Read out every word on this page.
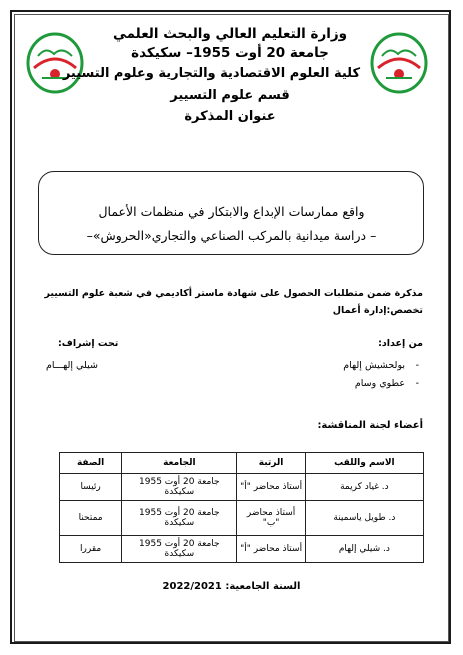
وزارة التعليم العالي والبحث العلمي
جامعة 20 أوت 1955– سكيكدة
كلية العلوم الاقتصادية والتجارية وعلوم التسيير
قسم علوم التسيير
عنوان المذكرة
واقع ممارسات الإبداع والابتكار في منظمات الأعمال
– دراسة ميدانية بالمركب الصناعي والتجاري«الحروش»–
مذكرة ضمن متطلبات الحصول على شهادة ماستر أكاديمي في شعبة علوم التسيير
تخصص:إدارة أعمال
من إعداد:
تحت إشراف:
-
بولحشيش إلهام
-
عطوي وسام
شيلي إلهـــام
أعضاء لجنة المناقشة:
الاسم واللقب	الرتبة	الجامعة	الصفة
د. غياد كريمة	أستاذ محاضر "أ"	جامعة 20 أوت 1955 سكيكدة	رئيسا
د. طويل ياسمينة	أستاذ محاضر "ب"	جامعة 20 أوت 1955 سكيكدة	ممتحنا
د. شيلي إلهام	أستاذ محاضر "أ"	جامعة 20 أوت 1955 سكيكدة	مقررا
السنة الجامعية: 2022/2021
